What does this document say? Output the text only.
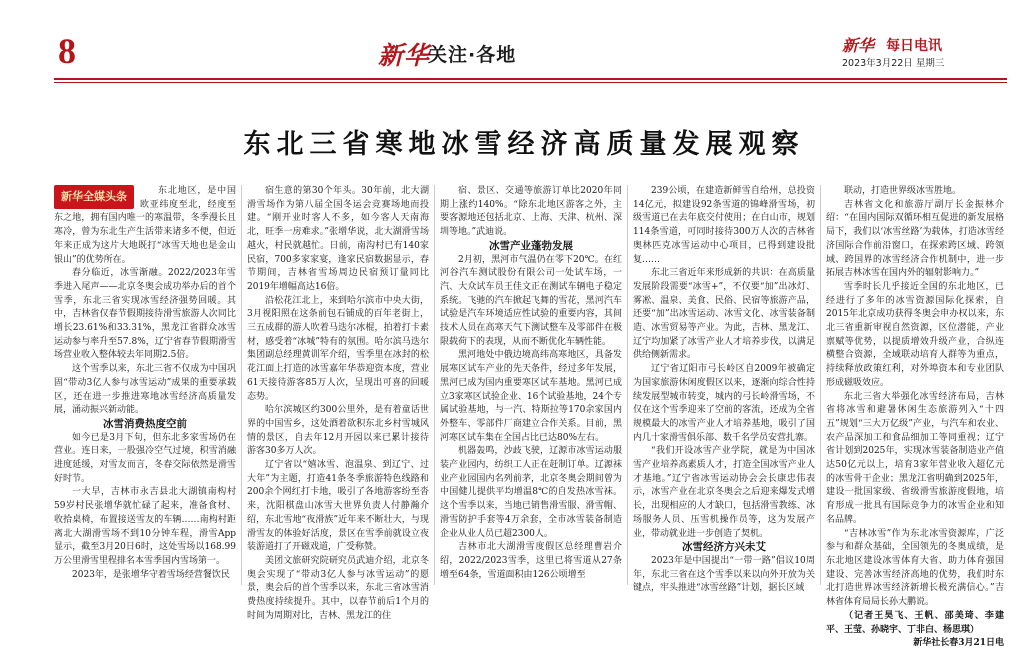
8	新华
关注·各地	新华 每日电讯
2023年3月22日 星期三
东北三省寒地冰雪经济高质量发展观察
新华全媒头条	东北地区，是中国欧亚纬度至北，经度至东之地，拥有国内唯一的寒温带，冬季漫长且寒冷，曾为东北生产生活带来诸多不便，但近年来正成为这片大地既打“冰雪天地也是金山银山”的优势所在。

春分临近，冰雪渐融。2022/2023年雪季进入尾声——北京冬奥会成功举办后的首个雪季，东北三省实现冰雪经济强势回暖。其中，吉林省仅春节假期接待滑雪旅游人次同比增长23.61%和33.31%，黑龙江省群众冰雪运动参与率升至57.8%，辽宁省春节假期滑雪场营业收入整体较去年同期2.5倍。

这个雪季以来，东北三省不仅成为中国巩固“带动3亿人参与冰雪运动”成果的重要承载区，还在进一步推进寒地冰雪经济高质量发展，涌动振兴新动能。

冰雪消费热度空前

如今已是3月下旬，但东北多家雪场仍在营业。连日来，一股强冷空气过境，积雪消融进度延缓，对雪友而言，冬春交际依然是滑雪好时节。

一大早，吉林市永吉县北大湖镇南构村59岁村民张增华就忙碌了起来，准备食材、收拾桌椅，布置接送雪友的车辆……南构村距离北大湖滑雪场不到10分钟车程，滑雪App显示，截至3月20日6时，这处雪场以168.99万公里滑雪里程排名本雪季国内雪场第一。

2023年，是张增华守着雪场经营餐饮民

宿生意的第30个年头。30年前，北大湖滑雪场作为第八届全国冬运会竞赛场地而投建。“刚开业时客人不多，如今客人天南海北，旺季一房难求。”张增华说，北大湖滑雪场越火，村民就越忙。日前，南沟村已有140家民宿，700多家家宴，逢家民宿数据显示，春节期间，吉林省雪场周边民宿预订量同比2019年增幅高达16倍。

沿松花江北上，来到哈尔滨市中央大街，3月视阳照在这条前包石铺成的百年老街上，三五成群的游人吹着马迭尔冰棍，拍着打卡素材，感受着“冰城”特有的氛围。哈尔滨马迭尔集团副总经理黄训军介绍，雪季里在冰封的松花江面上打造的冰雪嘉年华恭迎资本度，营业61天接待游客85万人次，呈现出可喜的回暖态势。

哈尔滨城区约300公里外，是有着童话世界的中国雪乡，这处酒着欲积东北乡村雪城风情的景区，自去年12月开园以来已累计接待游客30多万人次。

辽宁省以“嬉冰雪、泡温泉、到辽宁、过大年”为主题，打造41条冬季旅游特色线路和200余个网红打卡地，吸引了各地游客纷至沓来，沈阳棋盘山冰雪大世界负责人付静瀚介绍，东北雪地“夜滑族”近年来不断壮大，与现滑雪友的体验好活度，景区在雪季前就设立夜装游道打了开磁戏道，广受称赞。

美团文旅研究院研究员武迪介绍，北京冬奥会实现了“带动3亿人参与冰雪运动”的愿景，奥会后的首个雪季以来，东北三省冰雪消费热度持续提升。其中，以春节前后1个月的时间为周期对比，吉林、黑龙江的住

宿、景区、交通等旅游订单比2020年同期上涨约140%。“除东北地区游客之外，主要客源地还包括北京、上海、天津、杭州、深圳等地。”武迪说。

冰雪产业蓬勃发展

2月初，黑河市气温仍在零下20℃。在红河谷汽车测试股份有限公司一处试车场，一汽、大众试车员王佳文正在测试车辆电子稳定系统。飞驰的汽车掀起飞舞的雪花，黑河汽车试验是汽车环境适应性试验的重要内容，其间技术人员在高寒天气下测试整车及零部件在极限载荷下的表现，从而不断优化车辆性能。

黑河地处中俄边境高纬高寒地区，具备发展寒区试车产业的先天条件，经过多年发展，黑河已成为国内重要寒区试车基地。黑河已成立3家寒区试验企业、16个试验基地，24个专属试验基地，与一汽、特斯拉等170余家国内外整车、零部件厂商建立合作关系。目前，黑河寒区试车集在全国占比已达80%左右。

机器轰鸣，沙歧飞驶，辽源市冰雪运动服装产业园内，纺织工人正在赶制订单。辽源袜业产业园国内名列前茅，北京冬奥会期间曾为中国健儿提供平均增温8℃的自发热冰雪袜。这个雪季以来，当地已销售滑雪服、滑雪帽、滑雪防护手套等4万余套，全市冰雪装备制造企业从业人员已超2300人。

吉林市北大湖滑雪度假区总经理曹岩介绍，2022/2023雪季，这里已将雪道从27条增至64条，雪道面积由126公顷增至

239公顷，在建造新鲜雪自给州，总投资14亿元，拟建设92条雪道的锦峰滑雪场，初级雪道已在去年底交付使用；在白山市，规划114条雪道，可同时接待300万人次的吉林省奥林匹克冰雪运动中心项目，已得到建设批复……

东北三省近年来形成新的共识：在高质量发展阶段需要“冰雪+”，不仅要“加”出冰灯、雾凇、温泉、美食、民俗、民宿等旅游产品，还要“加”出冰雪运动、冰雪文化、冰雪装备制造、冰雪贸易等产业。为此，吉林、黑龙江、辽宁均加紧了冰雪产业人才培养步伐，以满足供给侧新需求。

辽宁省辽阳市弓长岭区自2009年被确定为国家旅游休闲度假区以来，逐渐向综合性持续发展型城市转变，城内的弓长岭滑雪场，不仅在这个雪季迎来了空前的客流，还成为全省规模最大的冰雪产业人才培养基地，吸引了国内几十家滑雪俱乐部、数千名学员安营扎寨。

“我们开设冰雪产业学院，就是为中国冰雪产业培养高素质人才，打造全国冰雪产业人才基地。”辽宁省冰雪运动协会会长康忠伟表示，冰雪产业在北京冬奥会之后迎来爆发式增长，出现相应的人才缺口，包括滑雪教练、冰场服务人员、压雪机操作员等，这为发展产业，带动就业进一步创造了契机。

冰雪经济方兴未艾

2023年是中国提出“一带一路”倡议10周年，东北三省在这个雪季以来以向外开放为关键点，牢头推进“冰雪丝路”计划，据长区域

联动，打造世界级冰雪胜地。

吉林省文化和旅游厅副厅长金振林介绍：“在国内国际双循环相互促进的新发展格局下，我们以‘冰雪丝路’为载体，打造冰雪经济国际合作前沿窗口，在探索跨区域、跨领域、跨国界的冰雪经济合作机制中，进一步拓展吉林冰雪在国内外的辐射影响力。”

雪季时长几乎接近全国的东北地区，已经进行了多年的冰雪资源国际化探索，自2015年北京成功获得冬奥会申办权以来，东北三省重新审视自然资源，区位潜能，产业禀赋等优势，以提质增效升级产业，合纵连横整合资源，全域联动培育人群等为重点，持续释放政策红利，对外埠资本和专业团队形成磁吸效应。

东北三省大举强化冰雪经济布局，吉林省将冰雪和避暑休闲生态旅游列入“十四五”规划“三大万亿级”产业，与汽车和农业、农产品深加工和食品细加工等同重视；辽宁省计划到2025年，实现冰雪装备制造业产值达50亿元以上，培育3家年营业收入超亿元的冰雪骨干企业；黑龙江省明确到2025年，建设一批国家级、省级滑雪旅游度假地，培育形成一批具有国际竞争力的冰雪企业和知名品牌。

“吉林冰雪”作为东北冰雪资源库，广泛参与和群众基础，全国领先的冬奥成绩，是东北地区建设冰雪体育大省、助力体育强国建设、完善冰雪经济高地的优势，我们时东北打造世界冰雪经济新增长极充满信心。”吉林省体育局局长孙大鹏说。

（记者王昊飞、王帆、邵美琦、李建平、王莹、孙晓宇、丁非白、杨思琪）

新华社长春3月21日电
